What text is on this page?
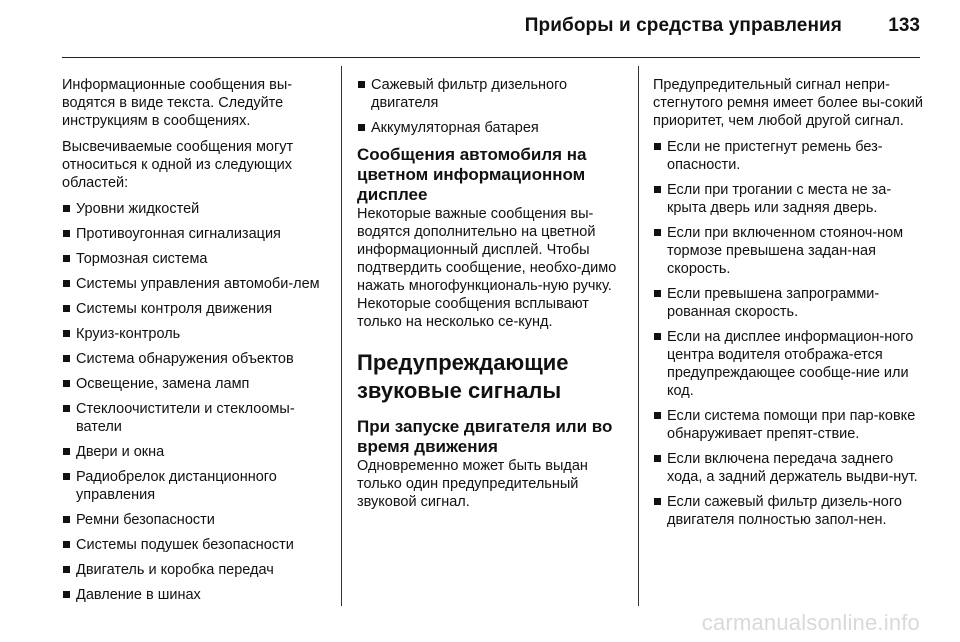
Приборы и средства управления 133

Информационные сообщения вы-водятся в виде текста. Следуйте инструкциям в сообщениях.

Высвечиваемые сообщения могут относиться к одной из следующих областей:

Уровни жидкостей
Противоугонная сигнализация
Тормозная система
Системы управления автомоби-лем
Системы контроля движения
Круиз-контроль
Система обнаружения объектов
Освещение, замена ламп
Стеклоочистители и стеклоомы-ватели
Двери и окна
Радиобрелок дистанционного управления
Ремни безопасности
Системы подушек безопасности
Двигатель и коробка передач
Давление в шинах
Сажевый фильтр дизельного двигателя
Аккумуляторная батарея
Сообщения автомобиля на цветном информационном дисплее

Некоторые важные сообщения вы-водятся дополнительно на цветной информационный дисплей. Чтобы подтвердить сообщение, необхо-димо нажать многофункциональ-ную ручку. Некоторые сообщения всплывают только на несколько се-кунд.

Предупреждающие звуковые сигналы
При запуске двигателя или во время движения

Одновременно может быть выдан только один предупредительный звуковой сигнал.

Предупредительный сигнал непри-стегнутого ремня имеет более вы-сокий приоритет, чем любой другой сигнал.

Если не пристегнут ремень без-опасности.
Если при трогании с места не за-крыта дверь или задняя дверь.
Если при включенном стояноч-ном тормозе превышена задан-ная скорость.
Если превышена запрограмми-рованная скорость.
Если на дисплее информацион-ного центра водителя отобража-ется предупреждающее сообще-ние или код.
Если система помощи при пар-ковке обнаруживает препят-ствие.
Если включена передача заднего хода, а задний держатель выдви-нут.
Если сажевый фильтр дизель-ного двигателя полностью запол-нен.
carmanualsonline.info
